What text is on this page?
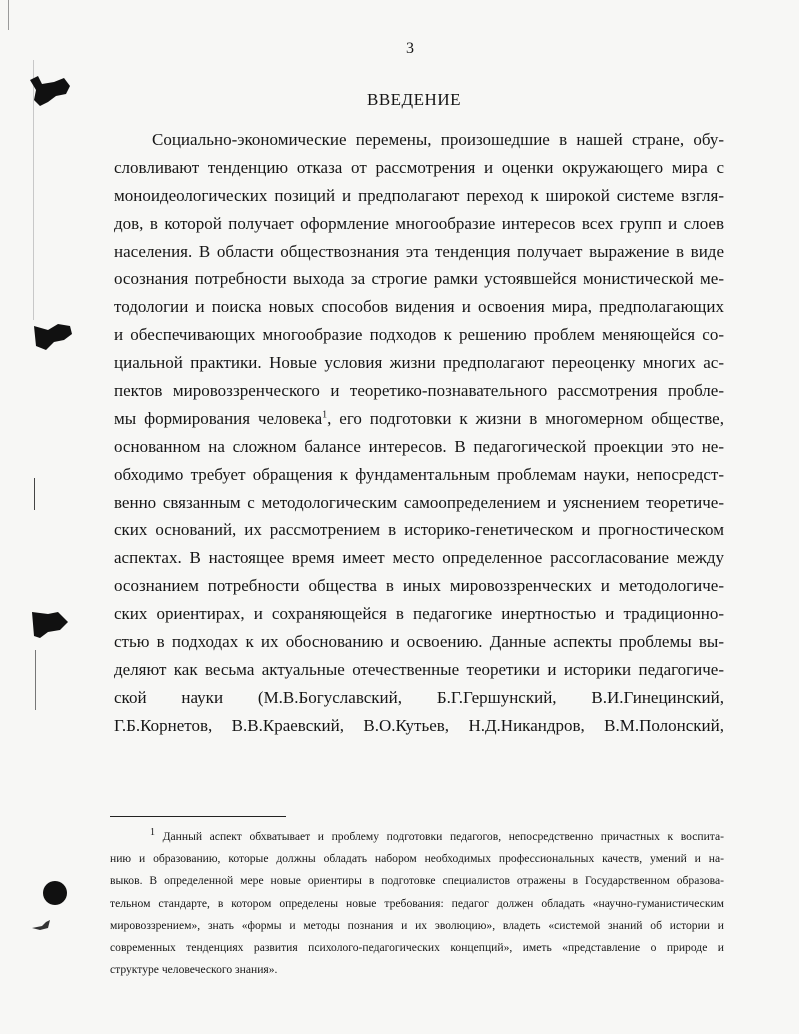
3
ВВЕДЕНИЕ
Социально-экономические перемены, произошедшие в нашей стране, обу-
словливают тенденцию отказа от рассмотрения и оценки окружающего мира с
моноидеологических позиций и предполагают переход к широкой системе взгля-
дов, в которой получает оформление многообразие интересов всех групп и слоев
населения. В области обществознания эта тенденция получает выражение в виде
осознания потребности выхода за строгие рамки устоявшейся монистической ме-
тодологии и поиска новых способов видения и освоения мира, предполагающих
и обеспечивающих многообразие подходов к решению проблем меняющейся со-
циальной практики. Новые условия жизни предполагают переоценку многих ас-
пектов мировоззренческого и теоретико-познавательного рассмотрения пробле-
мы формирования человека$^1$, его подготовки к жизни в многомерном обществе,
основанном на сложном балансе интересов. В педагогической проекции это не-
обходимо требует обращения к фундаментальным проблемам науки, непосредст-
венно связанным с методологическим самоопределением и уяснением теоретиче-
ских оснований, их рассмотрением в историко-генетическом и прогностическом
аспектах. В настоящее время имеет место определенное рассогласование между
осознанием потребности общества в иных мировоззренческих и методологиче-
ских ориентирах, и сохраняющейся в педагогике инертностью и традиционно-
стью в подходах к их обоснованию и освоению. Данные аспекты проблемы вы-
деляют как весьма актуальные отечественные теоретики и историки педагогиче-
ской науки (М.В.Богуславский, Б.Г.Гершунский, В.И.Гинецинский,
Г.Б.Корнетов, В.В.Краевский, В.О.Кутьев, Н.Д.Никандров, В.М.Полонский,
$^1$ Данный аспект обхватывает и проблему подготовки педагогов, непосредственно причастных к воспита-
нию и образованию, которые должны обладать набором необходимых профессиональных качеств, умений и на-
выков. В определенной мере новые ориентиры в подготовке специалистов отражены в Государственном образова-
тельном стандарте, в котором определены новые требования: педагог должен обладать «научно-гуманистическим
мировоззрением», знать «формы и методы познания и их эволюцию», владеть «системой знаний об истории и
современных тенденциях развития психолого-педагогических концепций», иметь «представление о природе и
структуре человеческого знания».
